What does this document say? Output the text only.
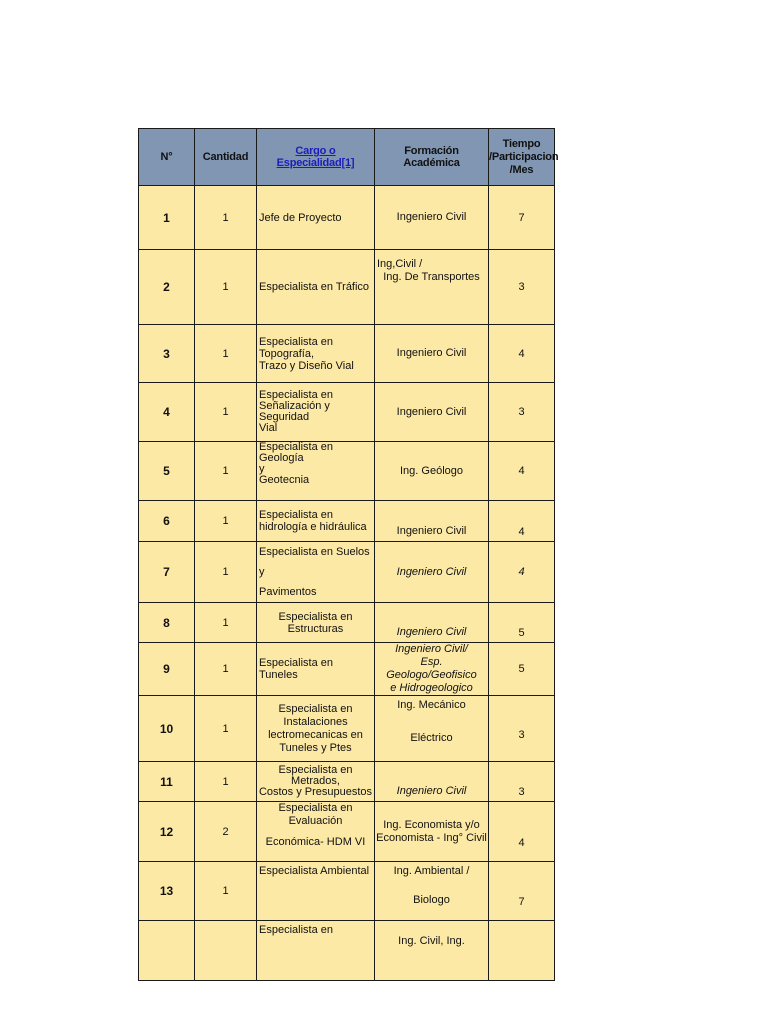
N°	Cantidad	Cargo o Especialidad[1]	Formación Académica	Tiempo
/Participacion
/Mes

1	1	Jefe de Proyecto	Ingeniero Civil	7
2	1	Especialista en Tráfico	Ing,Civil /
Ing. De Transportes	3
3	1	Especialista en
Topografía,
Trazo y Diseño Vial	Ingeniero Civil	4
4	1	Especialista en
Señalización y
Seguridad
Vial	Ingeniero Civil	3
5	1	Especialista en Geología
y
Geotecnia	Ing. Geólogo	4
6	1	Especialista en
hidrología e hidráulica	Ingeniero Civil	4
7	1	Especialista en Suelos y
Pavimentos	Ingeniero Civil	4
8	1	Especialista en
Estructuras	Ingeniero Civil	5
9	1	Especialista en Tuneles	Ingeniero Civil/
Esp. Geologo/Geofisico
e Hidrogeologico	5
10	1	Especialista en
Instalaciones
lectromecanicas en
Tuneles y Ptes	Ing. Mecánico
Eléctrico	3
11	1	Especialista en
Metrados,
Costos y Presupuestos	Ingeniero Civil	3
12	2	Especialista en
Evaluación
Económica- HDM VI	Ing. Economista y/o
Economista - Ing° Civil	4
13	1	Especialista Ambiental	Ing. Ambiental /
Biologo	7

		Especialista en	Ing. Civil, Ing.	
